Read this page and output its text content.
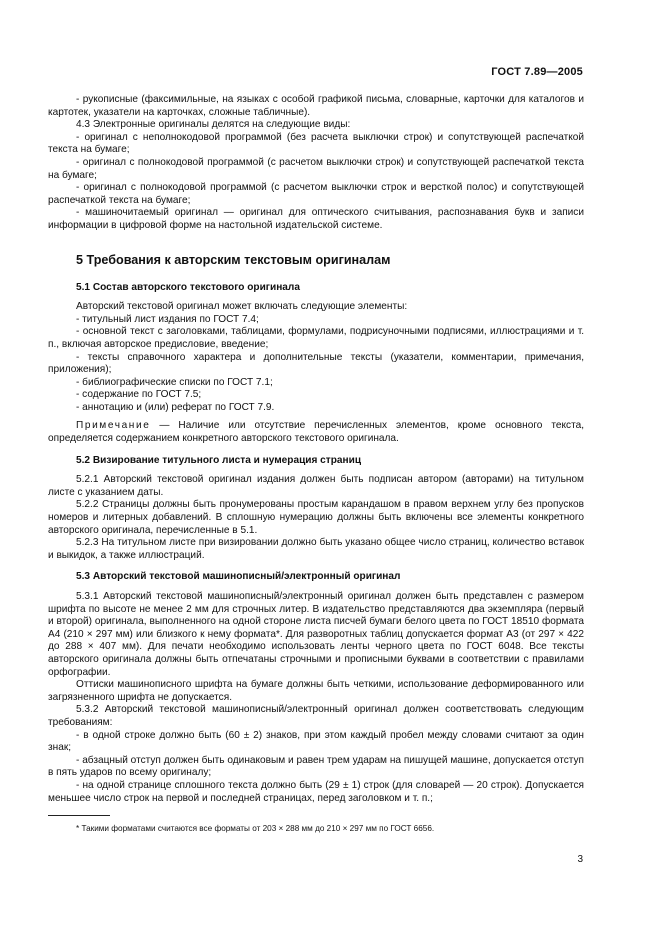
ГОСТ 7.89—2005

- рукописные (факсимильные, на языках с особой графикой письма, словарные, карточки для каталогов и картотек, указатели на карточках, сложные табличные).

4.3 Электронные оригиналы делятся на следующие виды:

- оригинал с неполнокодовой программой (без расчета выключки строк) и сопутствующей распечаткой текста на бумаге;

- оригинал с полнокодовой программой (с расчетом выключки строк) и сопутствующей распечаткой текста на бумаге;

- оригинал с полнокодовой программой (с расчетом выключки строк и версткой полос) и сопутствующей распечаткой текста на бумаге;

- машиночитаемый оригинал — оригинал для оптического считывания, распознавания букв и записи информации в цифровой форме на настольной издательской системе.

5 Требования к авторским текстовым оригиналам
5.1 Состав авторского текстового оригинала

Авторский текстовой оригинал может включать следующие элементы:

- титульный лист издания по ГОСТ 7.4;

- основной текст с заголовками, таблицами, формулами, подрисуночными подписями, иллюстрациями и т. п., включая авторское предисловие, введение;

- тексты справочного характера и дополнительные тексты (указатели, комментарии, примечания, приложения);

- библиографические списки по ГОСТ 7.1;

- содержание по ГОСТ 7.5;

- аннотацию и (или) реферат по ГОСТ 7.9.

Примечание — Наличие или отсутствие перечисленных элементов, кроме основного текста, определяется содержанием конкретного авторского текстового оригинала.

5.2 Визирование титульного листа и нумерация страниц

5.2.1 Авторский текстовой оригинал издания должен быть подписан автором (авторами) на титульном листе с указанием даты.

5.2.2 Страницы должны быть пронумерованы простым карандашом в правом верхнем углу без пропусков номеров и литерных добавлений. В сплошную нумерацию должны быть включены все элементы конкретного авторского оригинала, перечисленные в 5.1.

5.2.3 На титульном листе при визировании должно быть указано общее число страниц, количество вставок и выкидок, а также иллюстраций.

5.3 Авторский текстовой машинописный/электронный оригинал

5.3.1 Авторский текстовой машинописный/электронный оригинал должен быть представлен с размером шрифта по высоте не менее 2 мм для строчных литер. В издательство представляются два экземпляра (первый и второй) оригинала, выполненного на одной стороне листа писчей бумаги белого цвета по ГОСТ 18510 формата А4 (210 × 297 мм) или близкого к нему формата*. Для разворотных таблиц допускается формат А3 (от 297 × 422 до 288 × 407 мм). Для печати необходимо использовать ленты черного цвета по ГОСТ 6048. Все тексты авторского оригинала должны быть отпечатаны строчными и прописными буквами в соответствии с правилами орфографии.

Оттиски машинописного шрифта на бумаге должны быть четкими, использование деформированного или загрязненного шрифта не допускается.

5.3.2 Авторский текстовой машинописный/электронный оригинал должен соответствовать следующим требованиям:

- в одной строке должно быть (60 ± 2) знаков, при этом каждый пробел между словами считают за один знак;

- абзацный отступ должен быть одинаковым и равен трем ударам на пишущей машине, допускается отступ в пять ударов по всему оригиналу;

- на одной странице сплошного текста должно быть (29 ± 1) строк (для словарей — 20 строк). Допускается меньшее число строк на первой и последней страницах, перед заголовком и т. п.;

* Такими форматами считаются все форматы от 203 × 288 мм до 210 × 297 мм по ГОСТ 6656.

3
